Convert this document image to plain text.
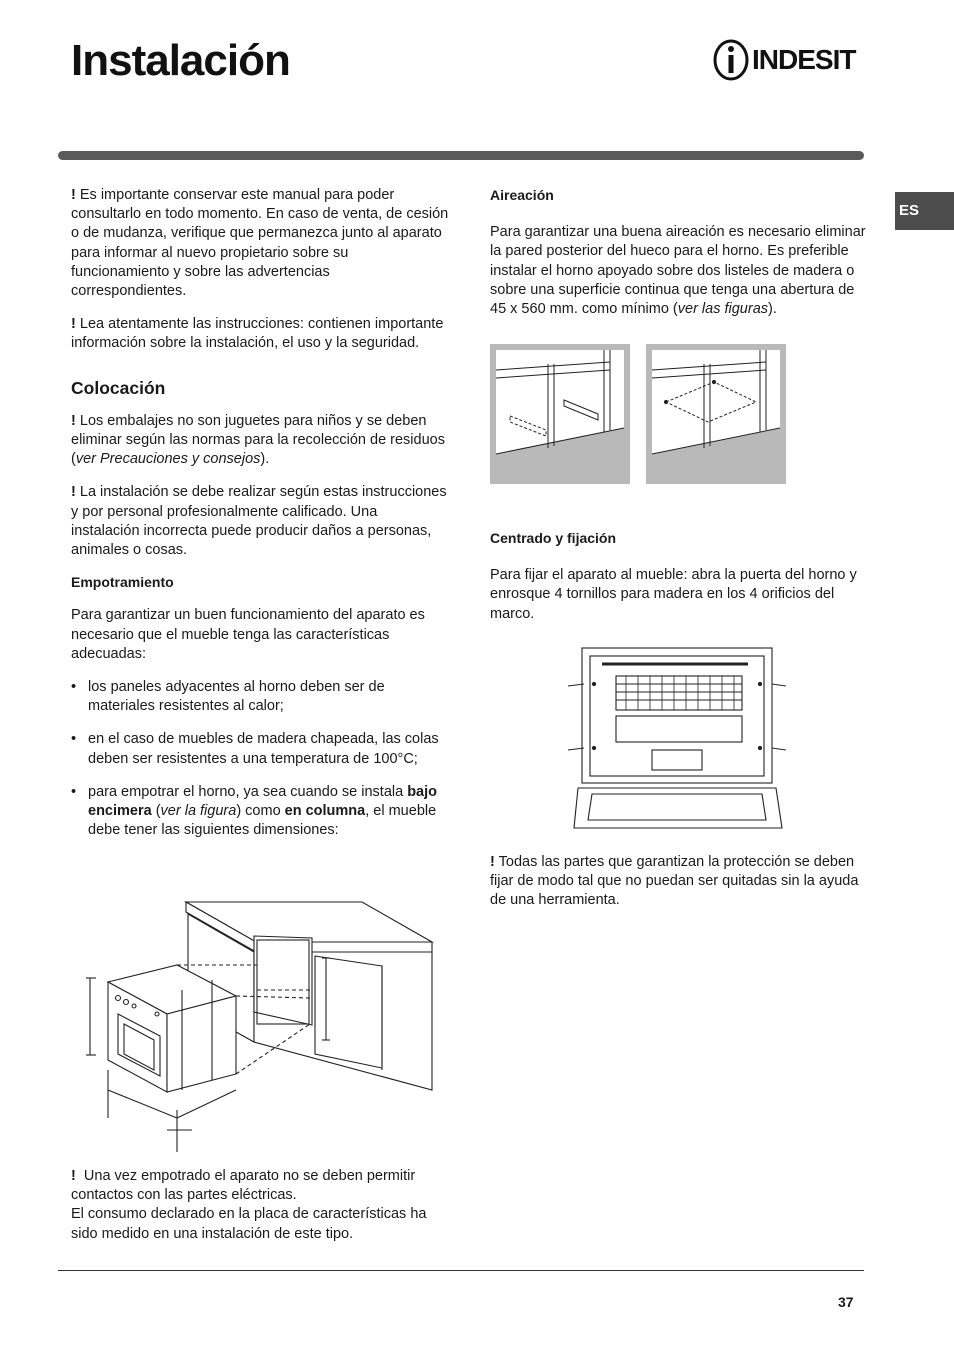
Instalación	INDESIT
ES

! Es importante conservar este manual para poder consultarlo en todo momento. En caso de venta, de cesión o de mudanza, verifique que permanezca junto al aparato para informar al nuevo propietario sobre su funcionamiento y sobre las advertencias correspondientes.

! Lea atentamente las instrucciones: contienen importante información sobre la instalación, el uso y la seguridad.

Colocación

! Los embalajes no son juguetes para niños y se deben eliminar según las normas para la recolección de residuos (ver Precauciones y consejos).

! La instalación se debe realizar según estas instrucciones y por personal profesionalmente calificado. Una instalación incorrecta puede producir daños a personas, animales o cosas.

Empotramiento

Para garantizar un buen funcionamiento del aparato es necesario que el mueble tenga las características adecuadas:

• los paneles adyacentes al horno deben ser de materiales resistentes al calor;
• en el caso de muebles de madera chapeada, las colas deben ser resistentes a una temperatura de 100°C;
• para empotrar el horno, ya sea cuando se instala bajo encimera (ver la figura) como en columna, el mueble debe tener las siguientes dimensiones:

! Una vez empotrado el aparato no se deben permitir contactos con las partes eléctricas.

El consumo declarado en la placa de características ha sido medido en una instalación de este tipo.

Aireación

Para garantizar una buena aireación es necesario eliminar la pared posterior del hueco para el horno. Es preferible instalar el horno apoyado sobre dos listeles de madera o sobre una superficie continua que tenga una abertura de 45 x 560 mm. como mínimo (ver las figuras).

Centrado y fijación

Para fijar el aparato al mueble: abra la puerta del horno y enrosque 4 tornillos para madera en los 4 orificios del marco.

! Todas las partes que garantizan la protección se deben fijar de modo tal que no puedan ser quitadas sin la ayuda de una herramienta.

37
